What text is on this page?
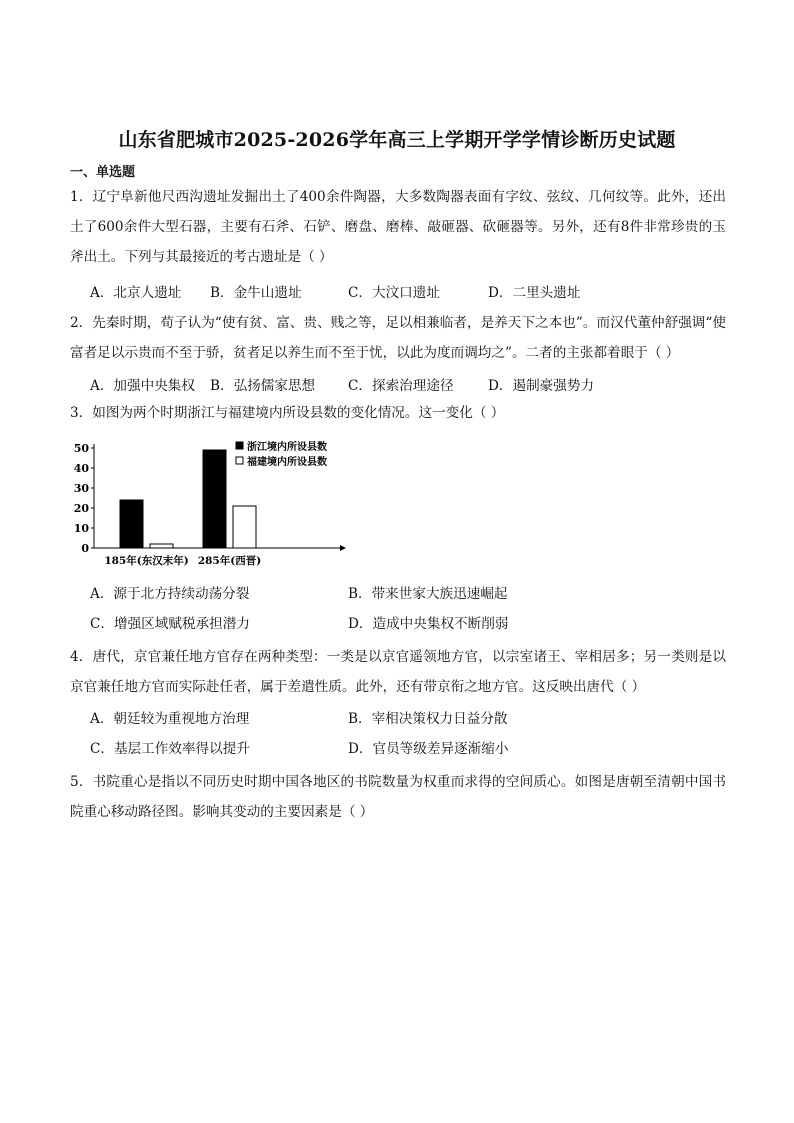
山东省肥城市2025-2026学年高三上学期开学学情诊断历史试题
一、单选题
1．辽宁阜新他尺西沟遗址发掘出土了400余件陶器，大多数陶器表面有字纹、弦纹、几何纹等。此外，还出土了600余件大型石器，主要有石斧、石铲、磨盘、磨棒、敲砸器、砍砸器等。另外，还有8件非常珍贵的玉斧出土。下列与其最接近的考古遗址是（ ）
A．北京人遗址 B．金牛山遗址	C．大汶口遗址	D．二里头遗址
2．先秦时期，荀子认为“使有贫、富、贵、贱之等，足以相兼临者，是养天下之本也”。而汉代董仲舒强调“使富者足以示贵而不至于骄，贫者足以养生而不至于忧，以此为度而调均之”。二者的主张都着眼于（ ）
A．加强中央集权 B．弘扬儒家思想 C．探索治理途径	D．遏制豪强势力
3．如图为两个时期浙江与福建境内所设县数的变化情况。这一变化（ ）
0
10
20
30
40
50
185年(东汉末年) 285年(西晋)
浙江境内所设县数
福建境内所设县数
A．源于北方持续动荡分裂	B．带来世家大族迅速崛起
C．增强区域赋税承担潜力	D．造成中央集权不断削弱
4．唐代，京官兼任地方官存在两种类型：一类是以京官遥领地方官，以宗室诸王、宰相居多；另一类则是以京官兼任地方官而实际赴任者，属于差遣性质。此外，还有带京衔之地方官。这反映出唐代（ ）
A．朝廷较为重视地方治理	B．宰相决策权力日益分散
C．基层工作效率得以提升	D．官员等级差异逐渐缩小
5．书院重心是指以不同历史时期中国各地区的书院数量为权重而求得的空间质心。如图是唐朝至清朝中国书院重心移动路径图。影响其变动的主要因素是（ ）
